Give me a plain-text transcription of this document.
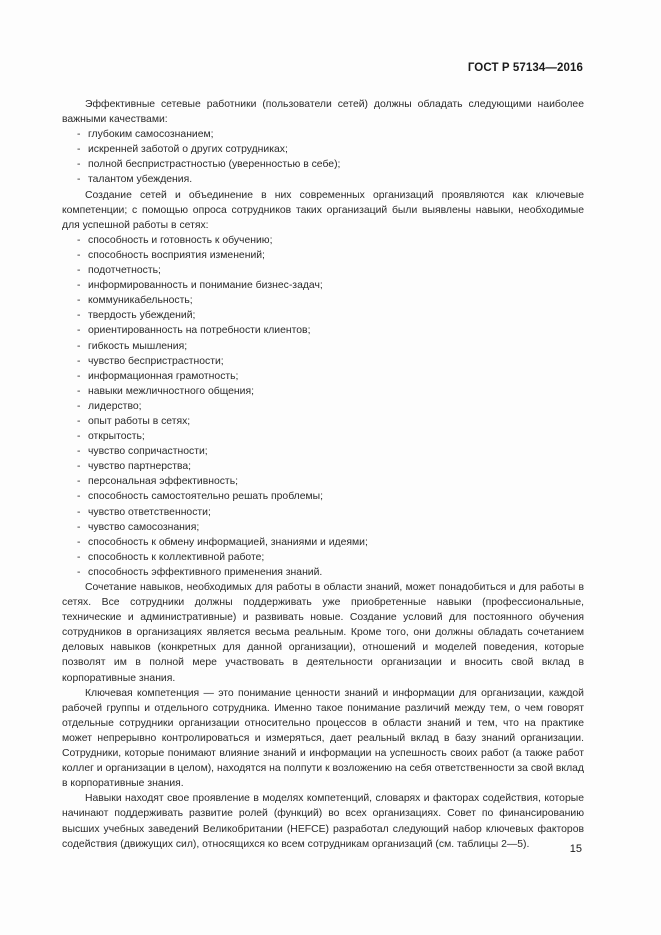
ГОСТ Р 57134—2016

Эффективные сетевые работники (пользователи сетей) должны обладать следующими наиболее важными качествами:

- глубоким самосознанием;
- искренней заботой о других сотрудниках;
- полной беспристрастностью (уверенностью в себе);
- талантом убеждения.

Создание сетей и объединение в них современных организаций проявляются как ключевые компетенции; с помощью опроса сотрудников таких организаций были выявлены навыки, необходимые для успешной работы в сетях:

- способность и готовность к обучению;
- способность восприятия изменений;
- подотчетность;
- информированность и понимание бизнес-задач;
- коммуникабельность;
- твердость убеждений;
- ориентированность на потребности клиентов;
- гибкость мышления;
- чувство беспристрастности;
- информационная грамотность;
- навыки межличностного общения;
- лидерство;
- опыт работы в сетях;
- открытость;
- чувство сопричастности;
- чувство партнерства;
- персональная эффективность;
- способность самостоятельно решать проблемы;
- чувство ответственности;
- чувство самосознания;
- способность к обмену информацией, знаниями и идеями;
- способность к коллективной работе;
- способность эффективного применения знаний.

Сочетание навыков, необходимых для работы в области знаний, может понадобиться и для работы в сетях. Все сотрудники должны поддерживать уже приобретенные навыки (профессиональные, технические и административные) и развивать новые. Создание условий для постоянного обучения сотрудников в организациях является весьма реальным. Кроме того, они должны обладать сочетанием деловых навыков (конкретных для данной организации), отношений и моделей поведения, которые позволят им в полной мере участвовать в деятельности организации и вносить свой вклад в корпоративные знания.

Ключевая компетенция — это понимание ценности знаний и информации для организации, каждой рабочей группы и отдельного сотрудника. Именно такое понимание различий между тем, о чем говорят отдельные сотрудники организации относительно процессов в области знаний и тем, что на практике может непрерывно контролироваться и измеряться, дает реальный вклад в базу знаний организации. Сотрудники, которые понимают влияние знаний и информации на успешность своих работ (а также работ коллег и организации в целом), находятся на полпути к возложению на себя ответственности за свой вклад в корпоративные знания.

Навыки находят свое проявление в моделях компетенций, словарях и факторах содействия, которые начинают поддерживать развитие ролей (функций) во всех организациях. Совет по финансированию высших учебных заведений Великобритании (HEFCE) разработал следующий набор ключевых факторов содействия (движущих сил), относящихся ко всем сотрудникам организаций (см. таблицы 2—5).	15
